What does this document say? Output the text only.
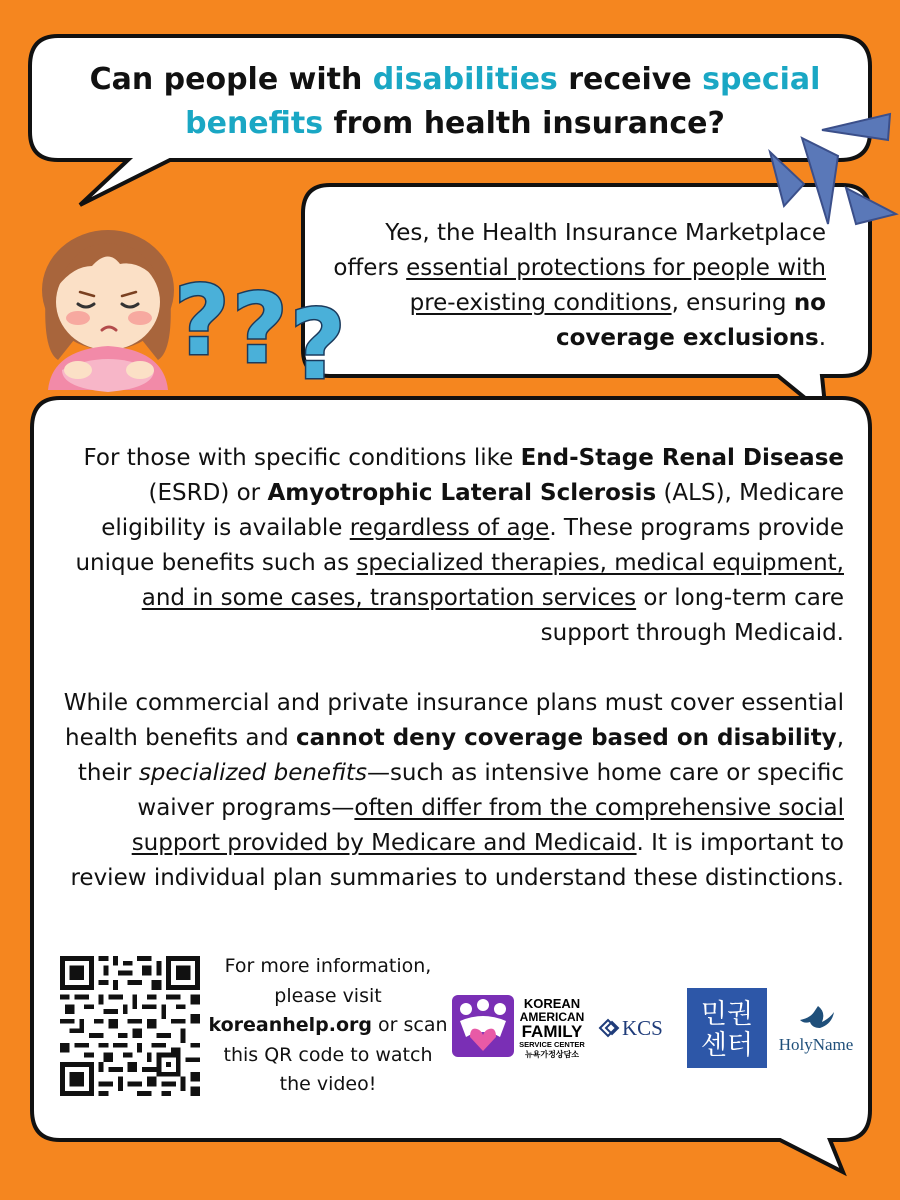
? ? ?
Can people with disabilities receive special benefits from health insurance?
Yes, the Health Insurance Marketplace offers essential protections for people with pre-existing conditions, ensuring no coverage exclusions.

For those with specific conditions like End-Stage Renal Disease (ESRD) or Amyotrophic Lateral Sclerosis (ALS), Medicare eligibility is available regardless of age. These programs provide unique benefits such as specialized therapies, medical equipment, and in some cases, transportation services or long-term care support through Medicaid.

While commercial and private insurance plans must cover essential health benefits and cannot deny coverage based on disability, their specialized benefits—such as intensive home care or specific waiver programs—often differ from the comprehensive social support provided by Medicare and Medicaid. It is important to review individual plan summaries to understand these distinctions.

For more information, please visit koreanhelp.org or scan this QR code to watch the video!
KOREAN
AMERICAN
FAMILY
SERVICE CENTER
뉴욕가정상담소
KCS 민권
센터 HolyName
